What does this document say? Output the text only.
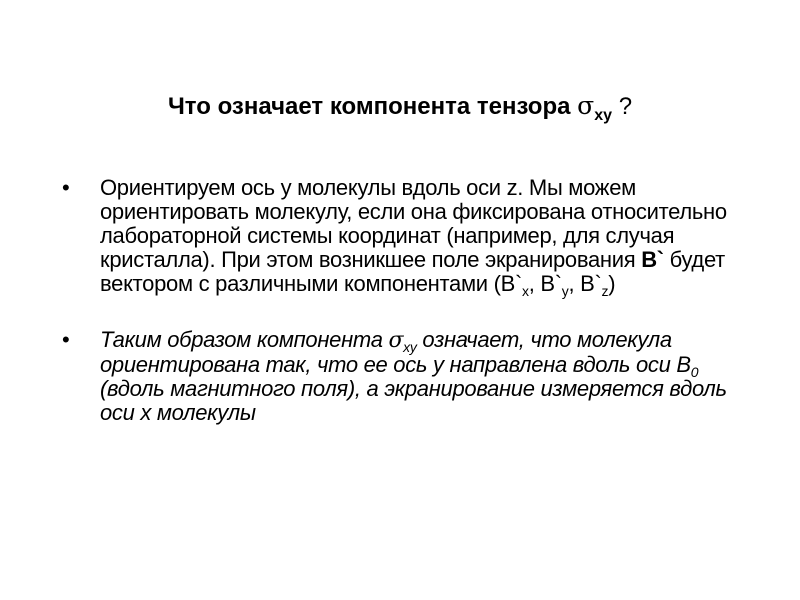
Что означает компонента тензора $\sigma_{xy}$ ?
• Ориентируем ось y молекулы вдоль оси z. Мы можем ориентировать молекулу, если она фиксирована относительно лабораторной системы координат (например, для случая кристалла). При этом возникшее поле экранирования B` будет вектором с различными компонентами ($B`_x$, $B`_y$, $B`_z$)
• Таким образом компонента $\sigma_{xy}$ означает, что молекула ориентирована так, что ее ось y направлена вдоль оси $B_0$ (вдоль магнитного поля), а экранирование измеряется вдоль оси x молекулы
